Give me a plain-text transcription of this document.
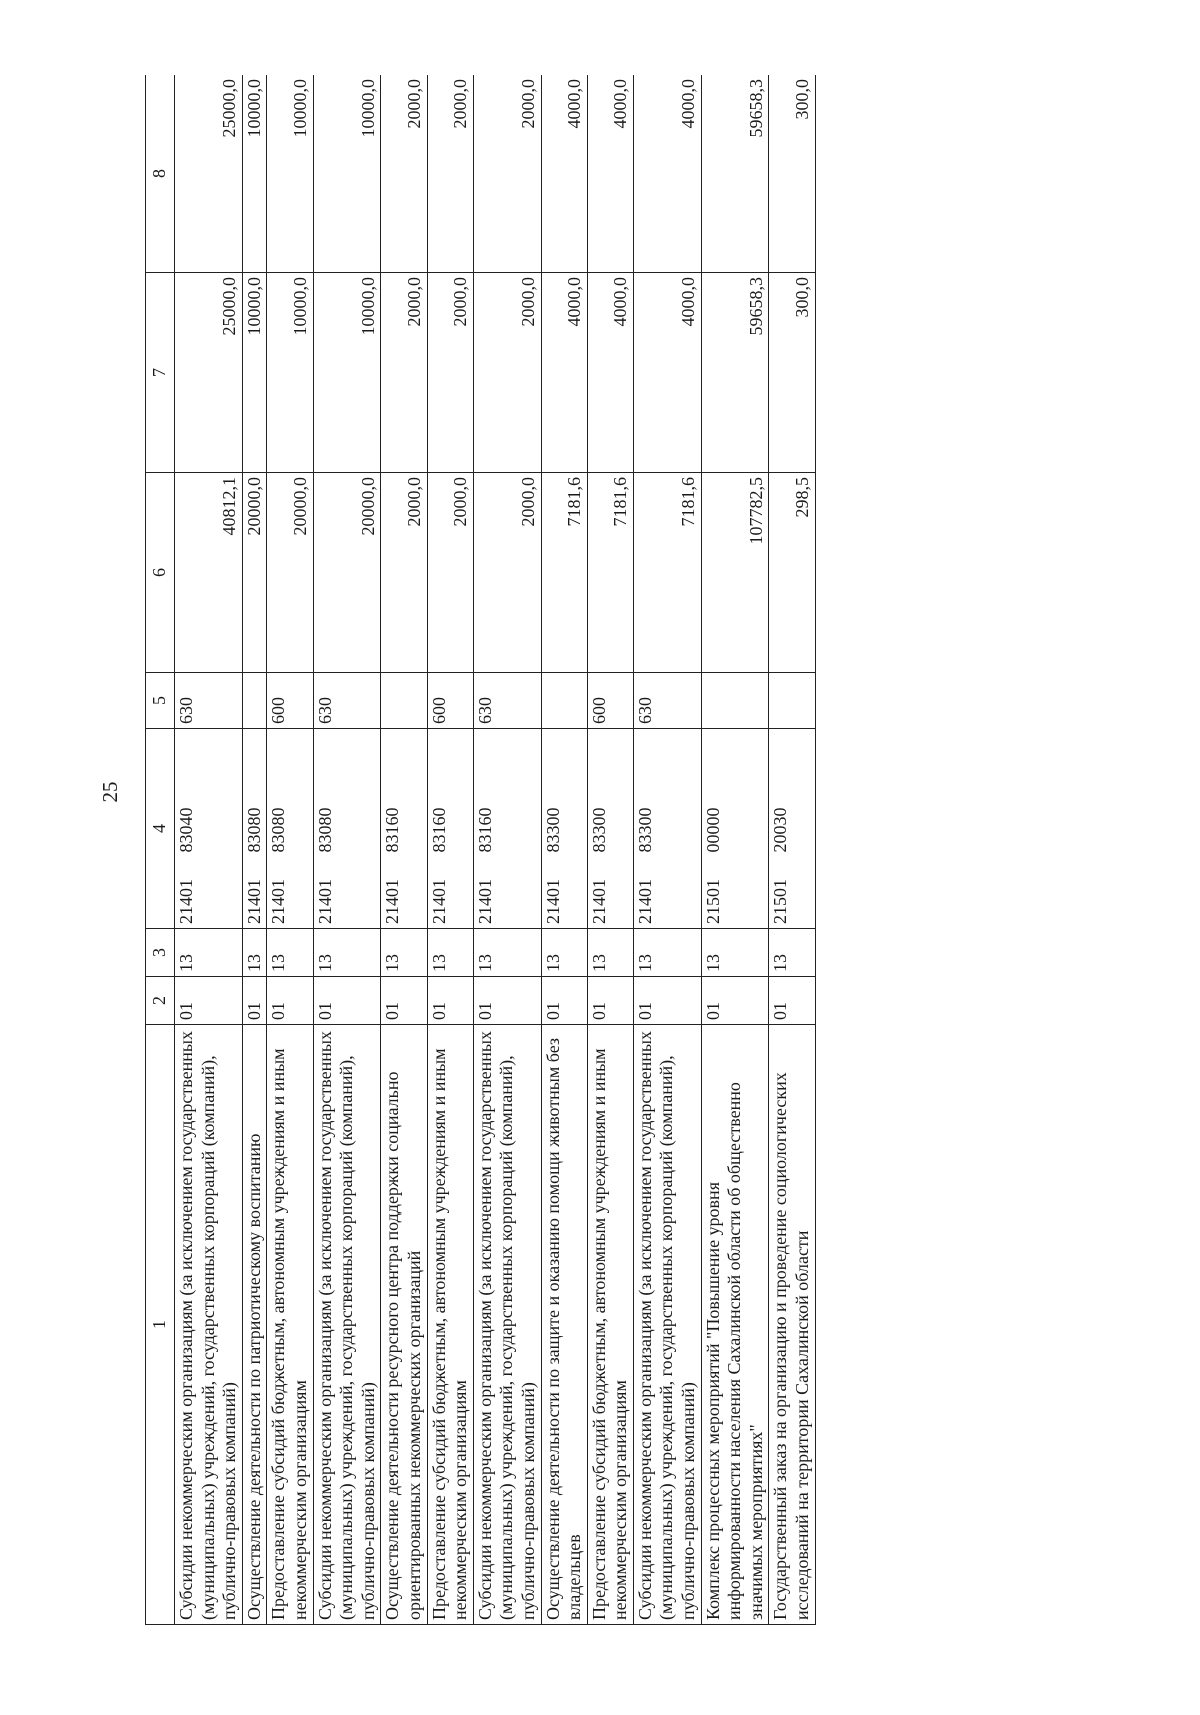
25
1	2	3	4	5	6	7	8
Субсидии некоммерческим организациям (за исключением государственных (муниципальных) учреждений, государственных корпораций (компаний), публично-правовых компаний)	01	13	21401 83040	630	40812,1	25000,0	25000,0
Осуществление деятельности по патриотическому воспитанию	01	13	21401 83080		20000,0	10000,0	10000,0
Предоставление субсидий бюджетным, автономным учреждениям и иным некоммерческим организациям	01	13	21401 83080	600	20000,0	10000,0	10000,0
Субсидии некоммерческим организациям (за исключением государственных (муниципальных) учреждений, государственных корпораций (компаний), публично-правовых компаний)	01	13	21401 83080	630	20000,0	10000,0	10000,0
Осуществление деятельности ресурсного центра поддержки социально ориентированных некоммерческих организаций	01	13	21401 83160		2000,0	2000,0	2000,0
Предоставление субсидий бюджетным, автономным учреждениям и иным некоммерческим организациям	01	13	21401 83160	600	2000,0	2000,0	2000,0
Субсидии некоммерческим организациям (за исключением государственных (муниципальных) учреждений, государственных корпораций (компаний), публично-правовых компаний)	01	13	21401 83160	630	2000,0	2000,0	2000,0
Осуществление деятельности по защите и оказанию помощи животным без владельцев	01	13	21401 83300		7181,6	4000,0	4000,0
Предоставление субсидий бюджетным, автономным учреждениям и иным некоммерческим организациям	01	13	21401 83300	600	7181,6	4000,0	4000,0
Субсидии некоммерческим организациям (за исключением государственных (муниципальных) учреждений, государственных корпораций (компаний), публично-правовых компаний)	01	13	21401 83300	630	7181,6	4000,0	4000,0
Комплекс процессных мероприятий "Повышение уровня информированности населения Сахалинской области об общественно значимых мероприятиях"	01	13	21501 00000		107782,5	59658,3	59658,3
Государственный заказ на организацию и проведение социологических исследований на территории Сахалинской области	01	13	21501 20030		298,5	300,0	300,0
